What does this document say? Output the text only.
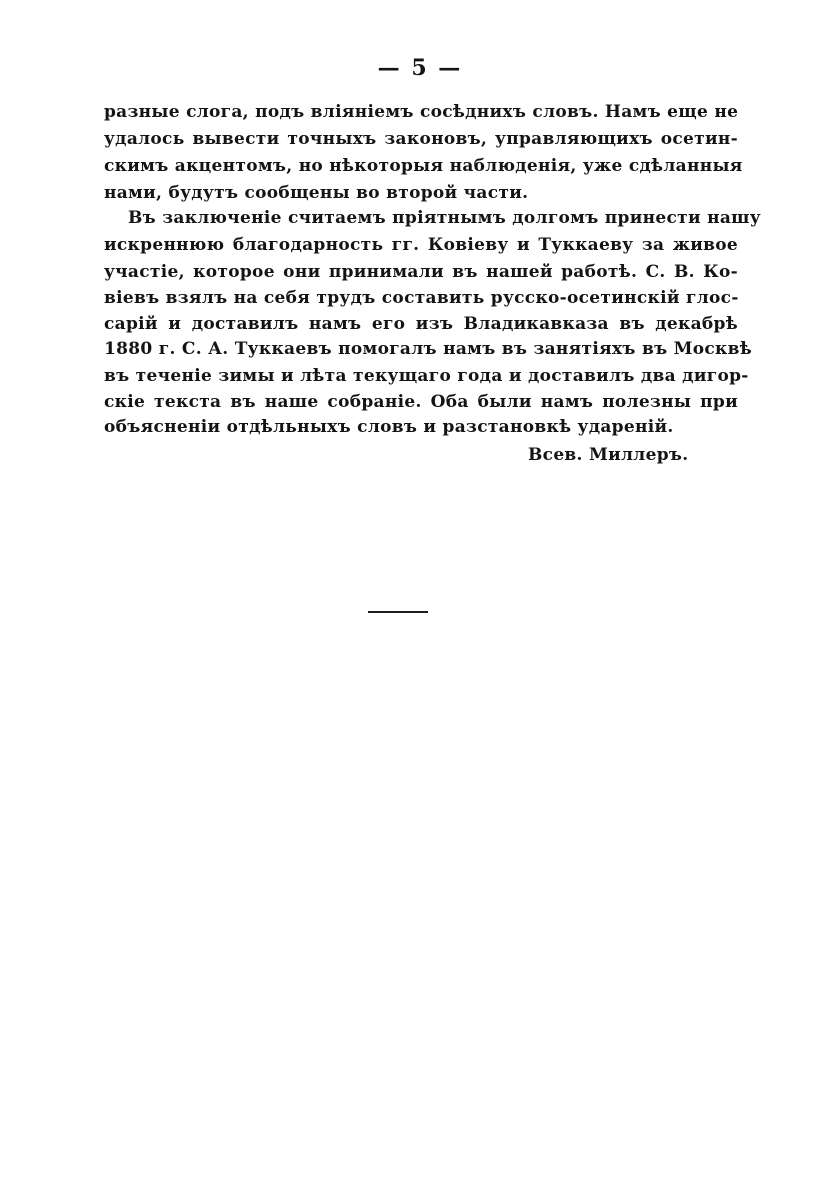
— 5 —
разные слога, подъ вліяніемъ сосѣднихъ словъ. Намъ еще не
удалось вывести точныхъ законовъ, управляющихъ осетин-
скимъ акцентомъ, но нѣкоторыя наблюденія, уже сдѣланныя
нами, будутъ сообщены во второй части.
Въ заключеніе считаемъ пріятнымъ долгомъ принести нашу
искреннюю благодарность гг. Ковіеву и Туккаеву за живое
участіе, которое они принимали въ нашей работѣ. С. В. Ко-
віевъ взялъ на себя трудъ составить русско-осетинскій глос-
сарій и доставилъ намъ его изъ Владикавказа въ декабрѣ
1880 г. С. А. Туккаевъ помогалъ намъ въ занятіяхъ въ Москвѣ
въ теченіе зимы и лѣта текущаго года и доставилъ два дигор-
скіе текста въ наше собраніе. Оба были намъ полезны при
объясненіи отдѣльныхъ словъ и разстановкѣ удареній.
Всев. Миллеръ.
